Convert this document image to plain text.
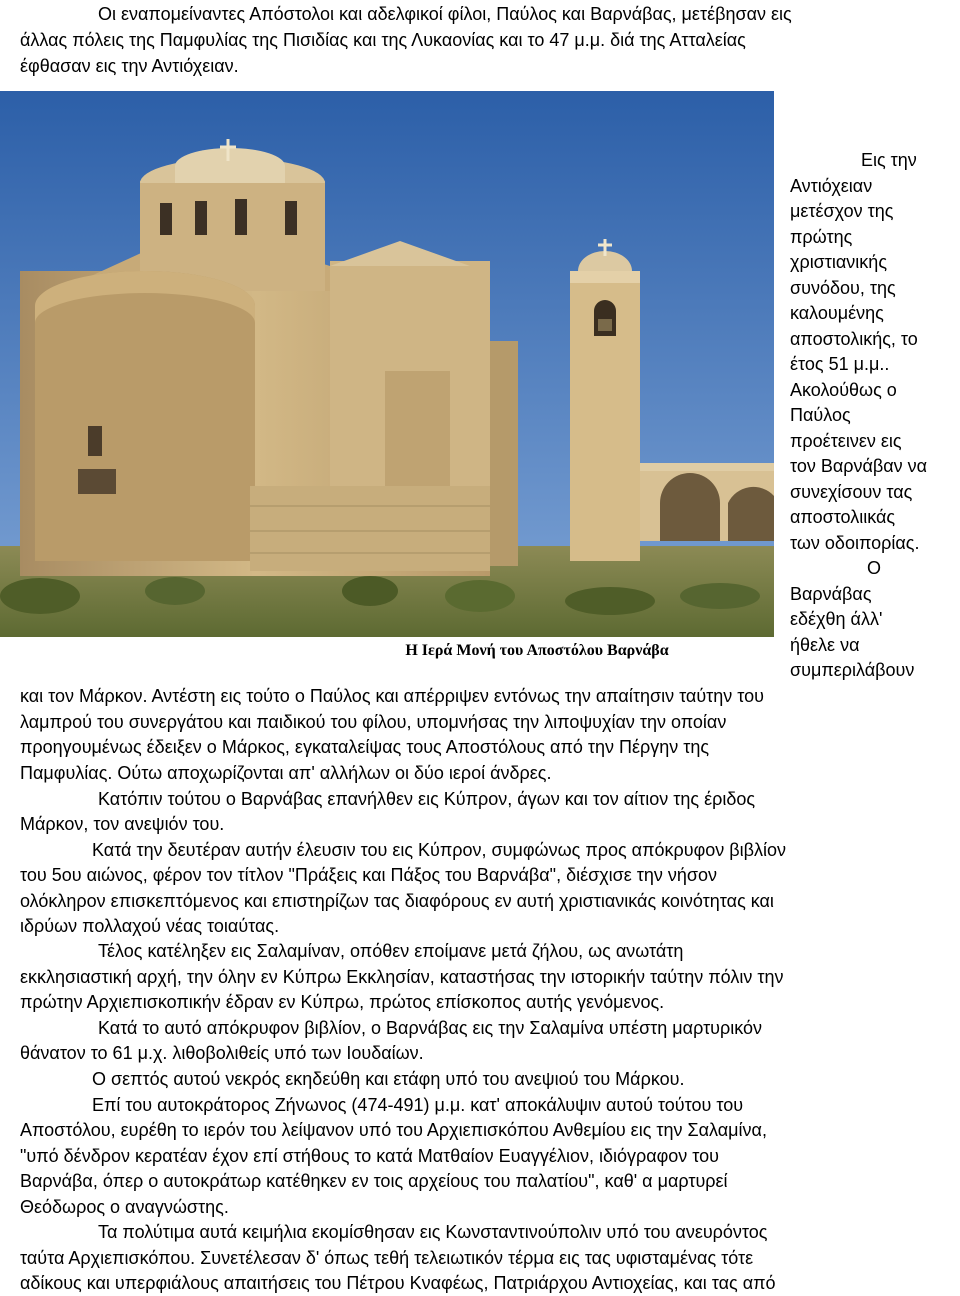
Οι εναπομείναντες Απόστολοι και αδελφικοί φίλοι, Παύλος και Βαρνάβας, μετέβησαν εις
άλλας πόλεις της Παμφυλίας της Πισιδίας και της Λυκαονίας και το 47 μ.μ. διά της Ατταλείας
έφθασαν εις την Αντιόχειαν.
Η Ιερά Μονή του Αποστόλου Βαρνάβα
Εις την
Αντιόχειαν
μετέσχον της
πρώτης
χριστιανικής
συνόδου, της
καλουμένης
αποστολικής, το
έτος 51 μ.μ..
Ακολούθως ο
Παύλος
προέτεινεν εις
τον Βαρνάβαν να
συνεχίσουν τας
αποστολιικάς
των οδοιπορίας.
Ο
Βαρνάβας
εδέχθη άλλ'
ήθελε να
συμπεριλάβουν
και τον Μάρκον. Αντέστη εις τούτο ο Παύλος και απέρριψεν εντόνως την απαίτησιν ταύτην του
λαμπρού του συνεργάτου και παιδικού του φίλου, υπομνήσας την λιποψυχίαν την οποίαν
προηγουμένως έδειξεν ο Μάρκος, εγκαταλείψας τους Αποστόλους από την Πέργην της
Παμφυλίας. Ούτω αποχωρίζονται απ' αλλήλων οι δύο ιεροί άνδρες.
Κατόπιν τούτου ο Βαρνάβας επανήλθεν εις Κύπρον, άγων και τον αίτιον της έριδος
Μάρκον, τον ανεψιόν του.
Κατά την δευτέραν αυτήν έλευσιν του εις Κύπρον, συμφώνως προς απόκρυφον βιβλίον
του 5ου αιώνος, φέρον τον τίτλον "Πράξεις και Πάξος του Βαρνάβα", διέσχισε την νήσον
ολόκληρον επισκεπτόμενος και επιστηρίζων τας διαφόρους εν αυτή χριστιανικάς κοινότητας και
ιδρύων πολλαχού νέας τοιαύτας.
Τέλος κατέληξεν εις Σαλαμίναν, οπόθεν εποίμανε μετά ζήλου, ως ανωτάτη
εκκλησιαστική αρχή, την όλην εν Κύπρω Εκκλησίαν, καταστήσας την ιστορικήν ταύτην πόλιν την
πρώτην Αρχιεπισκοπικήν έδραν εν Κύπρω, πρώτος επίσκοπος αυτής γενόμενος.
Κατά το αυτό απόκρυφον βιβλίον, ο Βαρνάβας εις την Σαλαμίνα υπέστη μαρτυρικόν
θάνατον το 61 μ.χ. λιθοβολιθείς υπό των Ιουδαίων.
Ο σεπτός αυτού νεκρός εκηδεύθη και ετάφη υπό του ανεψιού του Μάρκου.
Επί του αυτοκράτορος Ζήνωνος (474-491) μ.μ. κατ' αποκάλυψιν αυτού τούτου του
Αποστόλου, ευρέθη το ιερόν του λείψανον υπό του Αρχιεπισκόπου Ανθεμίου εις την Σαλαμίνα,
"υπό δένδρον κερατέαν έχον επί στήθους το κατά Ματθαίον Ευαγγέλιον, ιδιόγραφον του
Βαρνάβα, όπερ ο αυτοκράτωρ κατέθηκεν εν τοις αρχείους του παλατίου", καθ' α μαρτυρεί
Θεόδωρος ο αναγνώστης.
Τα πολύτιμα αυτά κειμήλια εκομίσθησαν εις Κωνσταντινούπολιν υπό του ανευρόντος
ταύτα Αρχιεπισκόπου. Συνετέλεσαν δ' όπως τεθή τελειωτικόν τέρμα εις τας υφισταμένας τότε
αδίκους και υπερφιάλους απαιτήσεις του Πέτρου Κναφέως, Πατριάρχου Αντιοχείας, και τας από
